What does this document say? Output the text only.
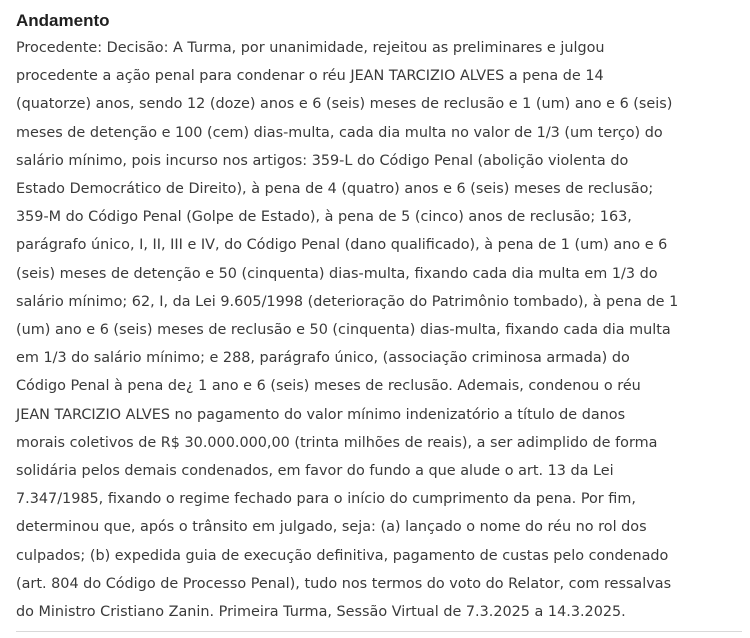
Andamento
Procedente: Decisão: A Turma, por unanimidade, rejeitou as preliminares e julgou
procedente a ação penal para condenar o réu JEAN TARCIZIO ALVES a pena de 14
(quatorze) anos, sendo 12 (doze) anos e 6 (seis) meses de reclusão e 1 (um) ano e 6 (seis)
meses de detenção e 100 (cem) dias-multa, cada dia multa no valor de 1/3 (um terço) do
salário mínimo, pois incurso nos artigos: 359-L do Código Penal (abolição violenta do
Estado Democrático de Direito), à pena de 4 (quatro) anos e 6 (seis) meses de reclusão;
359-M do Código Penal (Golpe de Estado), à pena de 5 (cinco) anos de reclusão; 163,
parágrafo único, I, II, III e IV, do Código Penal (dano qualificado), à pena de 1 (um) ano e 6
(seis) meses de detenção e 50 (cinquenta) dias-multa, fixando cada dia multa em 1/3 do
salário mínimo; 62, I, da Lei 9.605/1998 (deterioração do Patrimônio tombado), à pena de 1
(um) ano e 6 (seis) meses de reclusão e 50 (cinquenta) dias-multa, fixando cada dia multa
em 1/3 do salário mínimo; e 288, parágrafo único, (associação criminosa armada) do
Código Penal à pena de¿ 1 ano e 6 (seis) meses de reclusão. Ademais, condenou o réu
JEAN TARCIZIO ALVES no pagamento do valor mínimo indenizatório a título de danos
morais coletivos de R$ 30.000.000,00 (trinta milhões de reais), a ser adimplido de forma
solidária pelos demais condenados, em favor do fundo a que alude o art. 13 da Lei
7.347/1985, fixando o regime fechado para o início do cumprimento da pena. Por fim,
determinou que, após o trânsito em julgado, seja: (a) lançado o nome do réu no rol dos
culpados; (b) expedida guia de execução definitiva, pagamento de custas pelo condenado
(art. 804 do Código de Processo Penal), tudo nos termos do voto do Relator, com ressalvas
do Ministro Cristiano Zanin. Primeira Turma, Sessão Virtual de 7.3.2025 a 14.3.2025.
